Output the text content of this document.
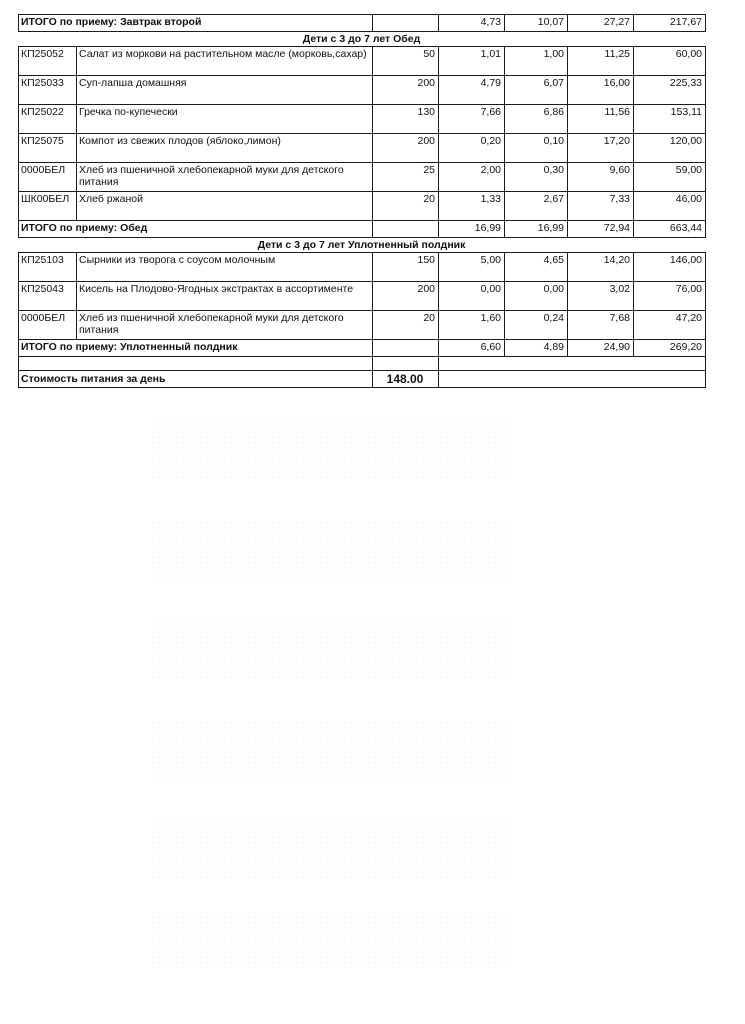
ИТОГО по приему: Завтрак второй			4,73	10,07	27,27	217,67
Дети с 3 до 7 лет Обед						
КП25052	Салат из моркови на растительном масле (морковь,сахар)	50	1,01	1,00	11,25	60,00
КП25033	Суп-лапша домашняя	200	4,79	6,07	16,00	225,33
КП25022	Гречка по-купечески	130	7,66	6,86	11,56	153,11
КП25075	Компот из свежих плодов (яблоко,лимон)	200	0,20	0,10	17,20	120,00
0000БЕЛ	Хлеб из пшеничной хлебопекарной муки для детского питания	25	2,00	0,30	9,60	59,00
ШК00БЕЛ	Хлеб ржаной	20	1,33	2,67	7,33	46,00
ИТОГО по приему: Обед			16,99	16,99	72,94	663,44
Дети с 3 до 7 лет Уплотненный полдник						
КП25103	Сырники из творога с соусом молочным	150	5,00	4,65	14,20	146,00
КП25043	Кисель на Плодово-Ягодных экстрактах в ассортименте	200	0,00	0,00	3,02	76,00
0000БЕЛ	Хлеб из пшеничной хлебопекарной муки для детского питания	20	1,60	0,24	7,68	47,20
ИТОГО по приему: Уплотненный полдник			6,60	4,89	24,90	269,20

Стоимость питания за день		148.00				
